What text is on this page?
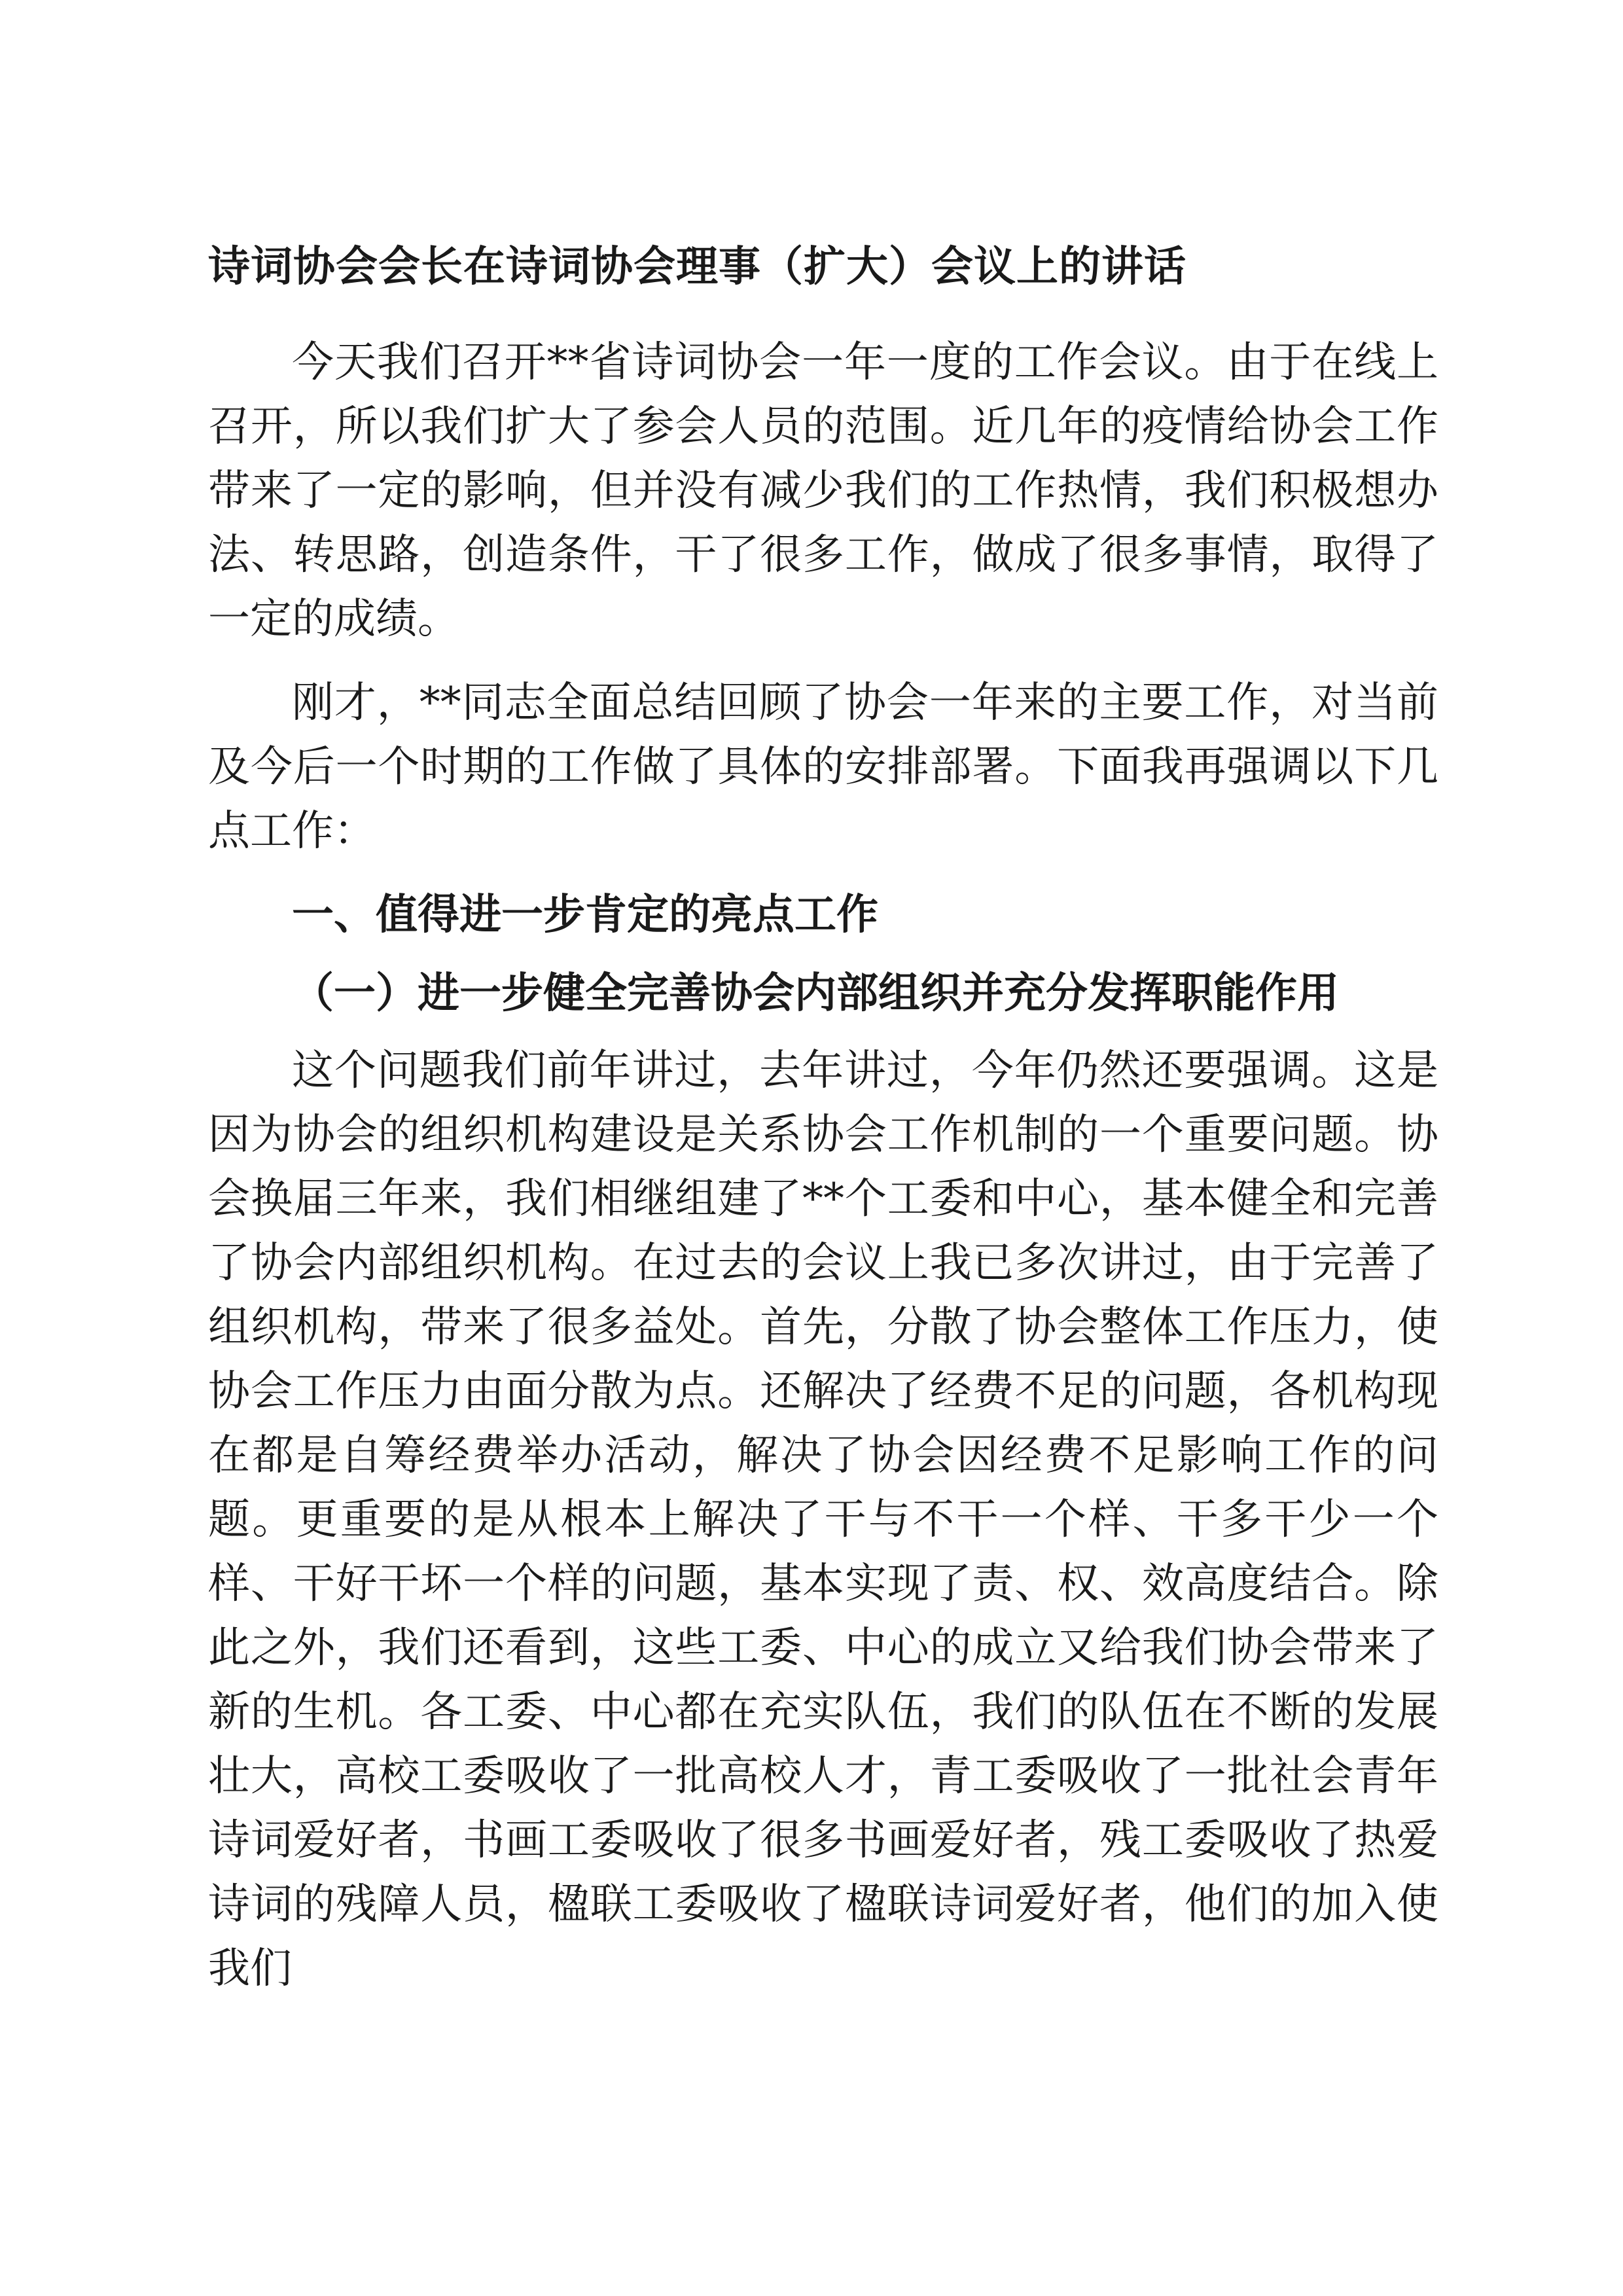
诗词协会会长在诗词协会理事（扩大）会议上的讲话

今天我们召开**省诗词协会一年一度的工作会议。由于在线上召开，所以我们扩大了参会人员的范围。近几年的疫情给协会工作带来了一定的影响，但并没有减少我们的工作热情，我们积极想办法、转思路，创造条件，干了很多工作，做成了很多事情，取得了一定的成绩。

刚才，**同志全面总结回顾了协会一年来的主要工作，对当前及今后一个时期的工作做了具体的安排部署。下面我再强调以下几点工作：

一、值得进一步肯定的亮点工作
（一）进一步健全完善协会内部组织并充分发挥职能作用

这个问题我们前年讲过，去年讲过，今年仍然还要强调。这是因为协会的组织机构建设是关系协会工作机制的一个重要问题。协会换届三年来，我们相继组建了**个工委和中心，基本健全和完善了协会内部组织机构。在过去的会议上我已多次讲过，由于完善了组织机构，带来了很多益处。首先，分散了协会整体工作压力，使协会工作压力由面分散为点。还解决了经费不足的问题，各机构现在都是自筹经费举办活动，解决了协会因经费不足影响工作的问题。更重要的是从根本上解决了干与不干一个样、干多干少一个样、干好干坏一个样的问题，基本实现了责、权、效高度结合。除此之外，我们还看到，这些工委、中心的成立又给我们协会带来了新的生机。各工委、中心都在充实队伍，我们的队伍在不断的发展壮大，高校工委吸收了一批高校人才，青工委吸收了一批社会青年诗词爱好者，书画工委吸收了很多书画爱好者，残工委吸收了热爱诗词的残障人员，楹联工委吸收了楹联诗词爱好者，他们的加入使我们
